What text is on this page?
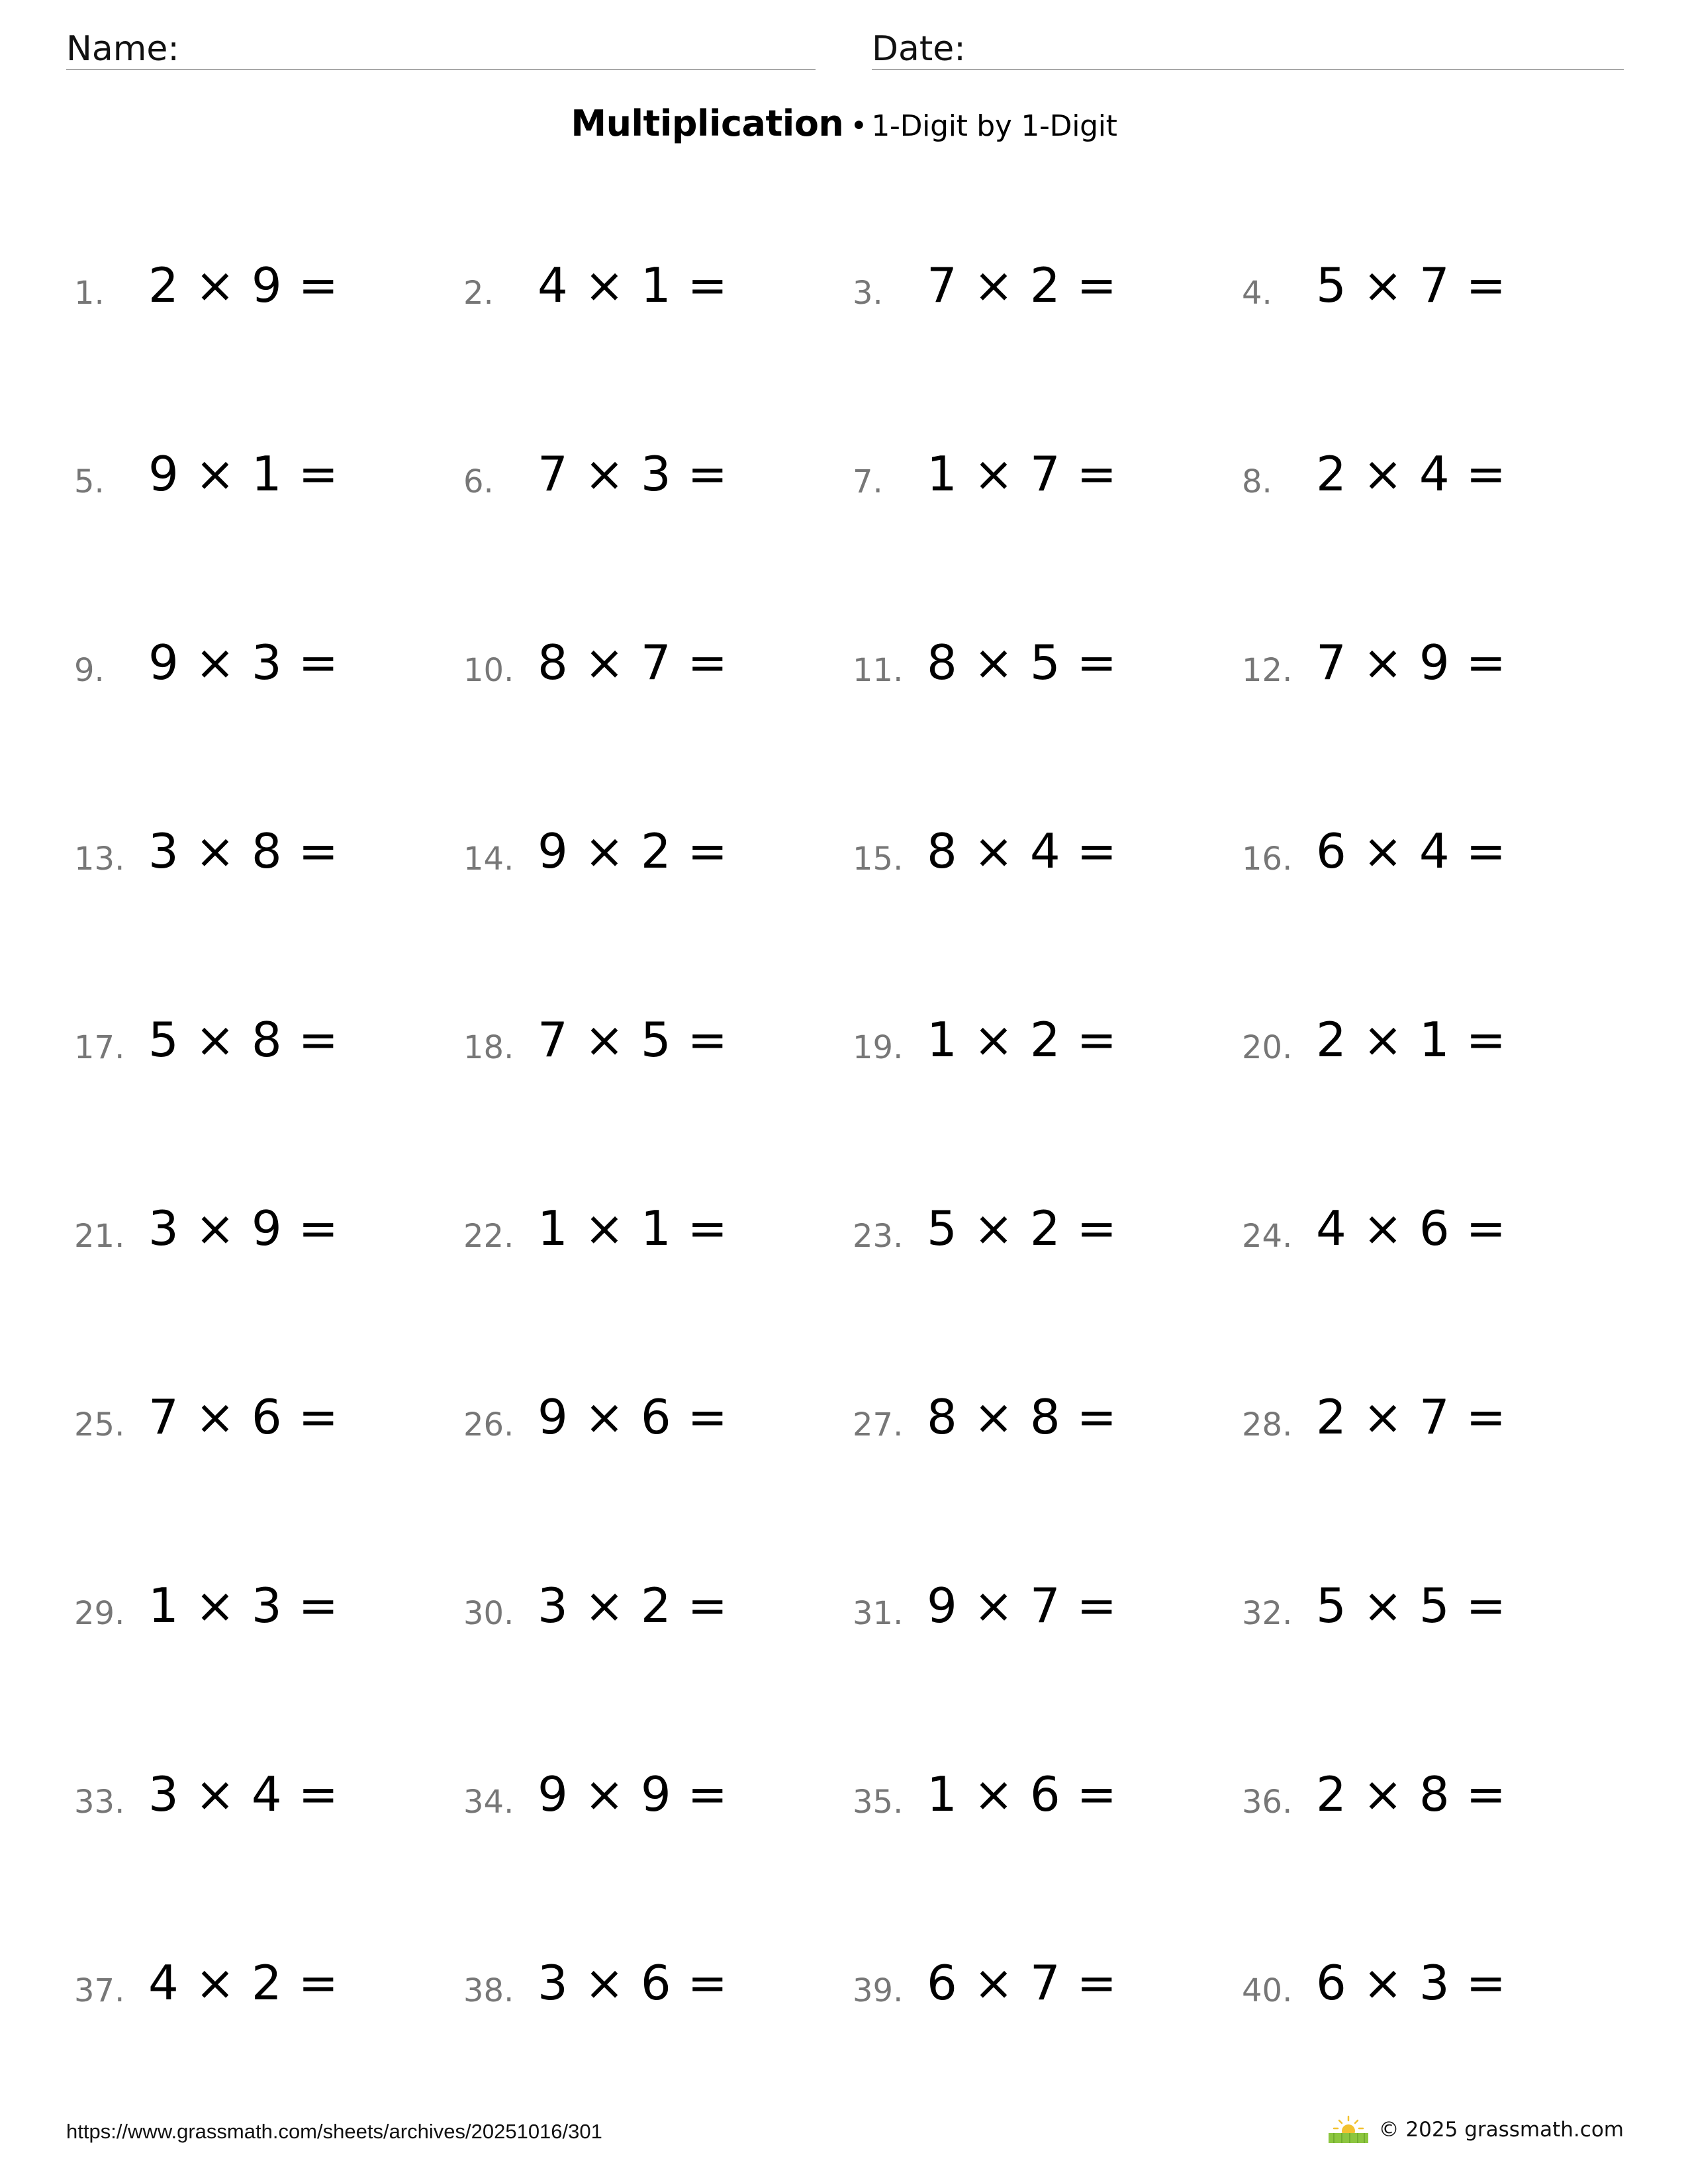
Name:	Date:
Multiplication • 1-Digit by 1-Digit
1. 2 × 9 =	2. 4 × 1 =	3. 7 × 2 =	4. 5 × 7 =
5. 9 × 1 =	6. 7 × 3 =	7. 1 × 7 =	8. 2 × 4 =
9. 9 × 3 =	10. 8 × 7 =	11. 8 × 5 =	12. 7 × 9 =
13. 3 × 8 =	14. 9 × 2 =	15. 8 × 4 =	16. 6 × 4 =
17. 5 × 8 =	18. 7 × 5 =	19. 1 × 2 =	20. 2 × 1 =
21. 3 × 9 =	22. 1 × 1 =	23. 5 × 2 =	24. 4 × 6 =
25. 7 × 6 =	26. 9 × 6 =	27. 8 × 8 =	28. 2 × 7 =
29. 1 × 3 =	30. 3 × 2 =	31. 9 × 7 =	32. 5 × 5 =
33. 3 × 4 =	34. 9 × 9 =	35. 1 × 6 =	36. 2 × 8 =
37. 4 × 2 =	38. 3 × 6 =	39. 6 × 7 =	40. 6 × 3 =
https://www.grassmath.com/sheets/archives/20251016/301	© 2025 grassmath.com
